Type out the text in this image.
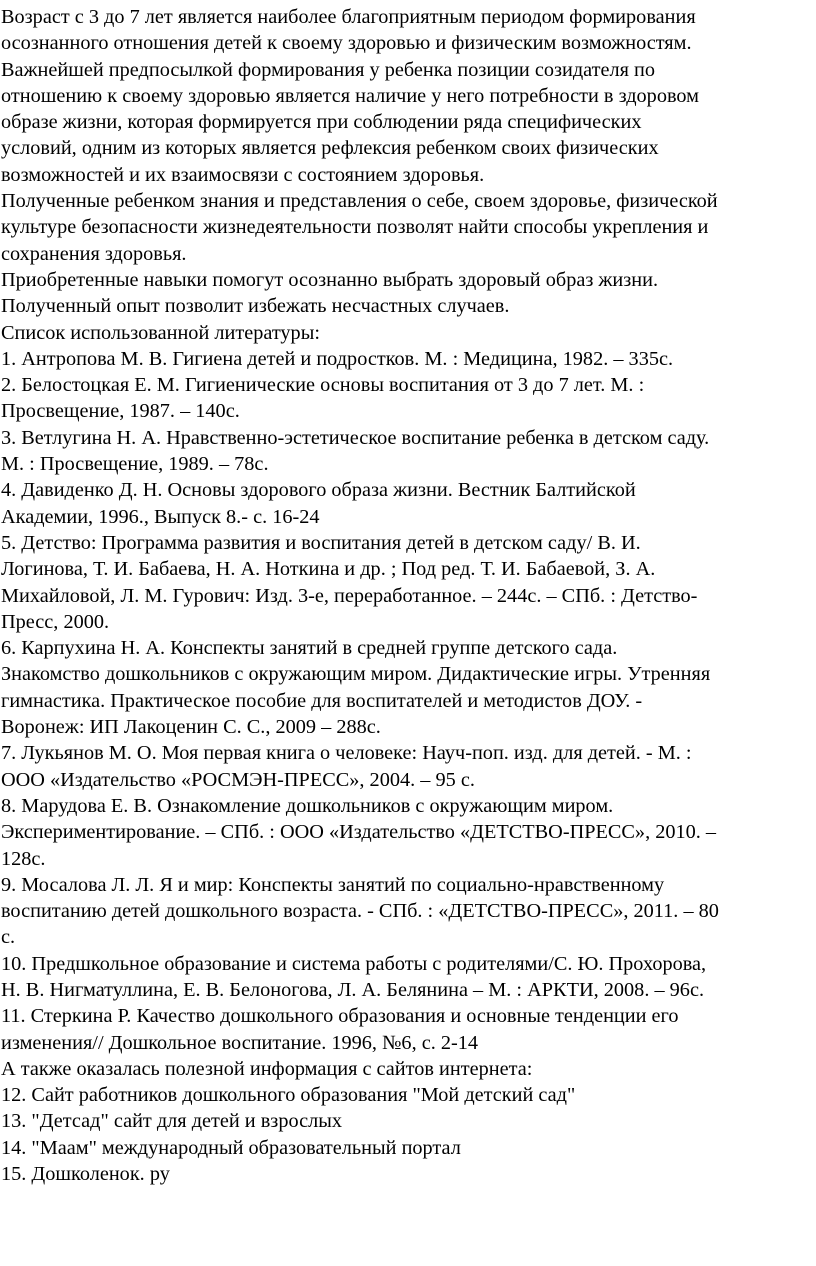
Возраст с 3 до 7 лет является наиболее благоприятным периодом формирования
осознанного отношения детей к своему здоровью и физическим возможностям.
Важнейшей предпосылкой формирования у ребенка позиции созидателя по
отношению к своему здоровью является наличие у него потребности в здоровом
образе жизни, которая формируется при соблюдении ряда специфических
условий, одним из которых является рефлексия ребенком своих физических
возможностей и их взаимосвязи с состоянием здоровья.
Полученные ребенком знания и представления о себе, своем здоровье, физической
культуре безопасности жизнедеятельности позволят найти способы укрепления и
сохранения здоровья.
Приобретенные навыки помогут осознанно выбрать здоровый образ жизни.
Полученный опыт позволит избежать несчастных случаев.
Список использованной литературы:
1. Антропова М. В. Гигиена детей и подростков. М. : Медицина, 1982. – 335с.
2. Белостоцкая Е. М. Гигиенические основы воспитания от 3 до 7 лет. М. :
Просвещение, 1987. – 140с.
3. Ветлугина Н. А. Нравственно-эстетическое воспитание ребенка в детском саду.
М. : Просвещение, 1989. – 78с.
4. Давиденко Д. Н. Основы здорового образа жизни. Вестник Балтийской
Академии, 1996., Выпуск 8.- с. 16-24
5. Детство: Программа развития и воспитания детей в детском саду/ В. И.
Логинова, Т. И. Бабаева, Н. А. Ноткина и др. ; Под ред. Т. И. Бабаевой, З. А.
Михайловой, Л. М. Гурович: Изд. 3-е, переработанное. – 244с. – СПб. : Детство-
Пресс, 2000.
6. Карпухина Н. А. Конспекты занятий в средней группе детского сада.
Знакомство дошкольников с окружающим миром. Дидактические игры. Утренняя
гимнастика. Практическое пособие для воспитателей и методистов ДОУ. -
Воронеж: ИП Лакоценин С. С., 2009 – 288с.
7. Лукьянов М. О. Моя первая книга о человеке: Науч-поп. изд. для детей. - М. :
ООО «Издательство «РОСМЭН-ПРЕСС», 2004. – 95 с.
8. Марудова Е. В. Ознакомление дошкольников с окружающим миром.
Экспериментирование. – СПб. : ООО «Издательство «ДЕТСТВО-ПРЕСС», 2010. –
128с.
9. Мосалова Л. Л. Я и мир: Конспекты занятий по социально-нравственному
воспитанию детей дошкольного возраста. - СПб. : «ДЕТСТВО-ПРЕСС», 2011. – 80
с.
10. Предшкольное образование и система работы с родителями/С. Ю. Прохорова,
Н. В. Нигматуллина, Е. В. Белоногова, Л. А. Белянина – М. : АРКТИ, 2008. – 96с.
11. Стеркина Р. Качество дошкольного образования и основные тенденции его
изменения// Дошкольное воспитание. 1996, №6, с. 2-14
А также оказалась полезной информация с сайтов интернета:
12. Сайт работников дошкольного образования "Мой детский сад"
13. "Детсад" сайт для детей и взрослых
14. "Маам" международный образовательный портал
15. Дошколенок. ру
